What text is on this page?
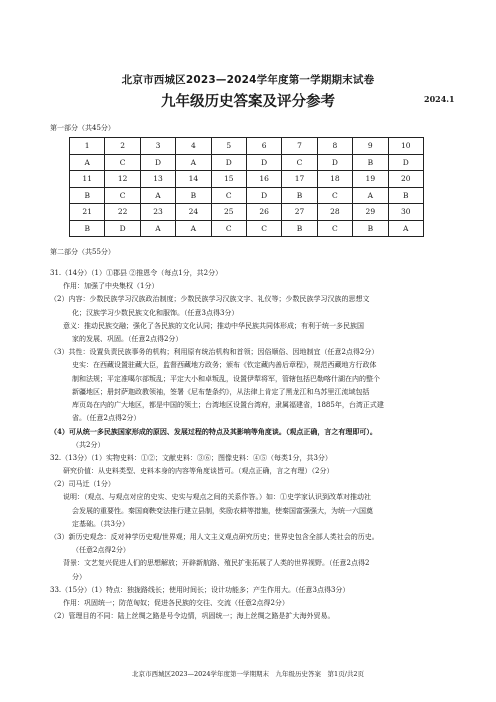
北京市西城区2023—2024学年度第一学期期末试卷
九年级历史答案及评分参考	2024.1
第一部分（共45分）
1	2	3	4	5	6	7	8	9	10
A	C	D	A	D	D	C	D	B	D
11	12	13	14	15	16	17	18	19	20
B	C	A	B	C	D	B	C	A	B
21	22	23	24	25	26	27	28	29	30
B	D	A	A	C	C	B	C	B	A
第二部分（共55分）

31.（14分）（1）①郡县 ②推恩令（每点1分，共2分）

作用：加强了中央集权（1分）

（2）内容：少数民族学习汉族政治制度；少数民族学习汉族文字、礼仪等；少数民族学习汉族的思想文

化；汉族学习少数民族文化和服饰。（任意3点得3分）

意义：推动民族交融；强化了各民族的文化认同；推动中华民族共同体形成；有利于统一多民族国

家的发展、巩固。（任意2点得2分）

（3）共性：设置负责民族事务的机构；利用原有统治机构和首领；因俗顺俗、因地制宜（任意2点得2分）

史实：在西藏设置驻藏大臣，监督西藏地方政务；颁布《钦定藏内善后章程》，规范西藏地方行政体

制和法规；平定准噶尔部叛乱；平定大小和卓叛乱，设置伊犁将军，管辖包括巴勒喀什湖在内的整个

新疆地区；册封萨迦政教领袖，签署《尼布楚条约》，从法律上肯定了黑龙江和乌苏里江流域包括

库页岛在内的广大地区，都是中国的领土；台湾地区设置台湾府，隶属福建省，1885年，台湾正式建

省。（任意2点得2分）

（4）可从统一多民族国家形成的原因、发展过程的特点及其影响等角度谈。（观点正确，言之有理即可）。

（共2分）

32.（13分）（1）实物史料：①②；文献史料：③⑥；图像史料：④⑤（每类1分，共3分）

研究价值：从史料类型、史料本身的内容等角度谈皆可。（观点正确，言之有理）（2分）

（2）司马迁（1分）

说明：（观点、与观点对应的史实、史实与观点之间的关系作答。）如：①史学家认识到改革对推动社

会发展的重要性。秦国商鞅变法推行建立县制，奖励农耕等措施，使秦国富强强大，为统一六国奠

定基础。（共3分）

（3）新历史观念：反对神学历史观/世界观；用人文主义观点研究历史；世界史包含全部人类社会的历史。

（任意2点得2分）

背景：文艺复兴促进人们的思想解放；开辟新航路、殖民扩张拓展了人类的世界视野。（任意2点得2

分）

33.（15分）（1）特点：独拢路线长；使用时间长；设计功能多；产生作用大。（任意3点得3分）

作用：巩固统一；防范匈奴；促进各民族的交往、交流（任意2点得2分）

（2）管理目的不同：陆上丝绸之路是号令边情，巩固统一；海上丝绸之路是扩大海外贸易。

北京市西城区2023—2024学年度第一学期期末　九年级历史答案　第1页/共2页
